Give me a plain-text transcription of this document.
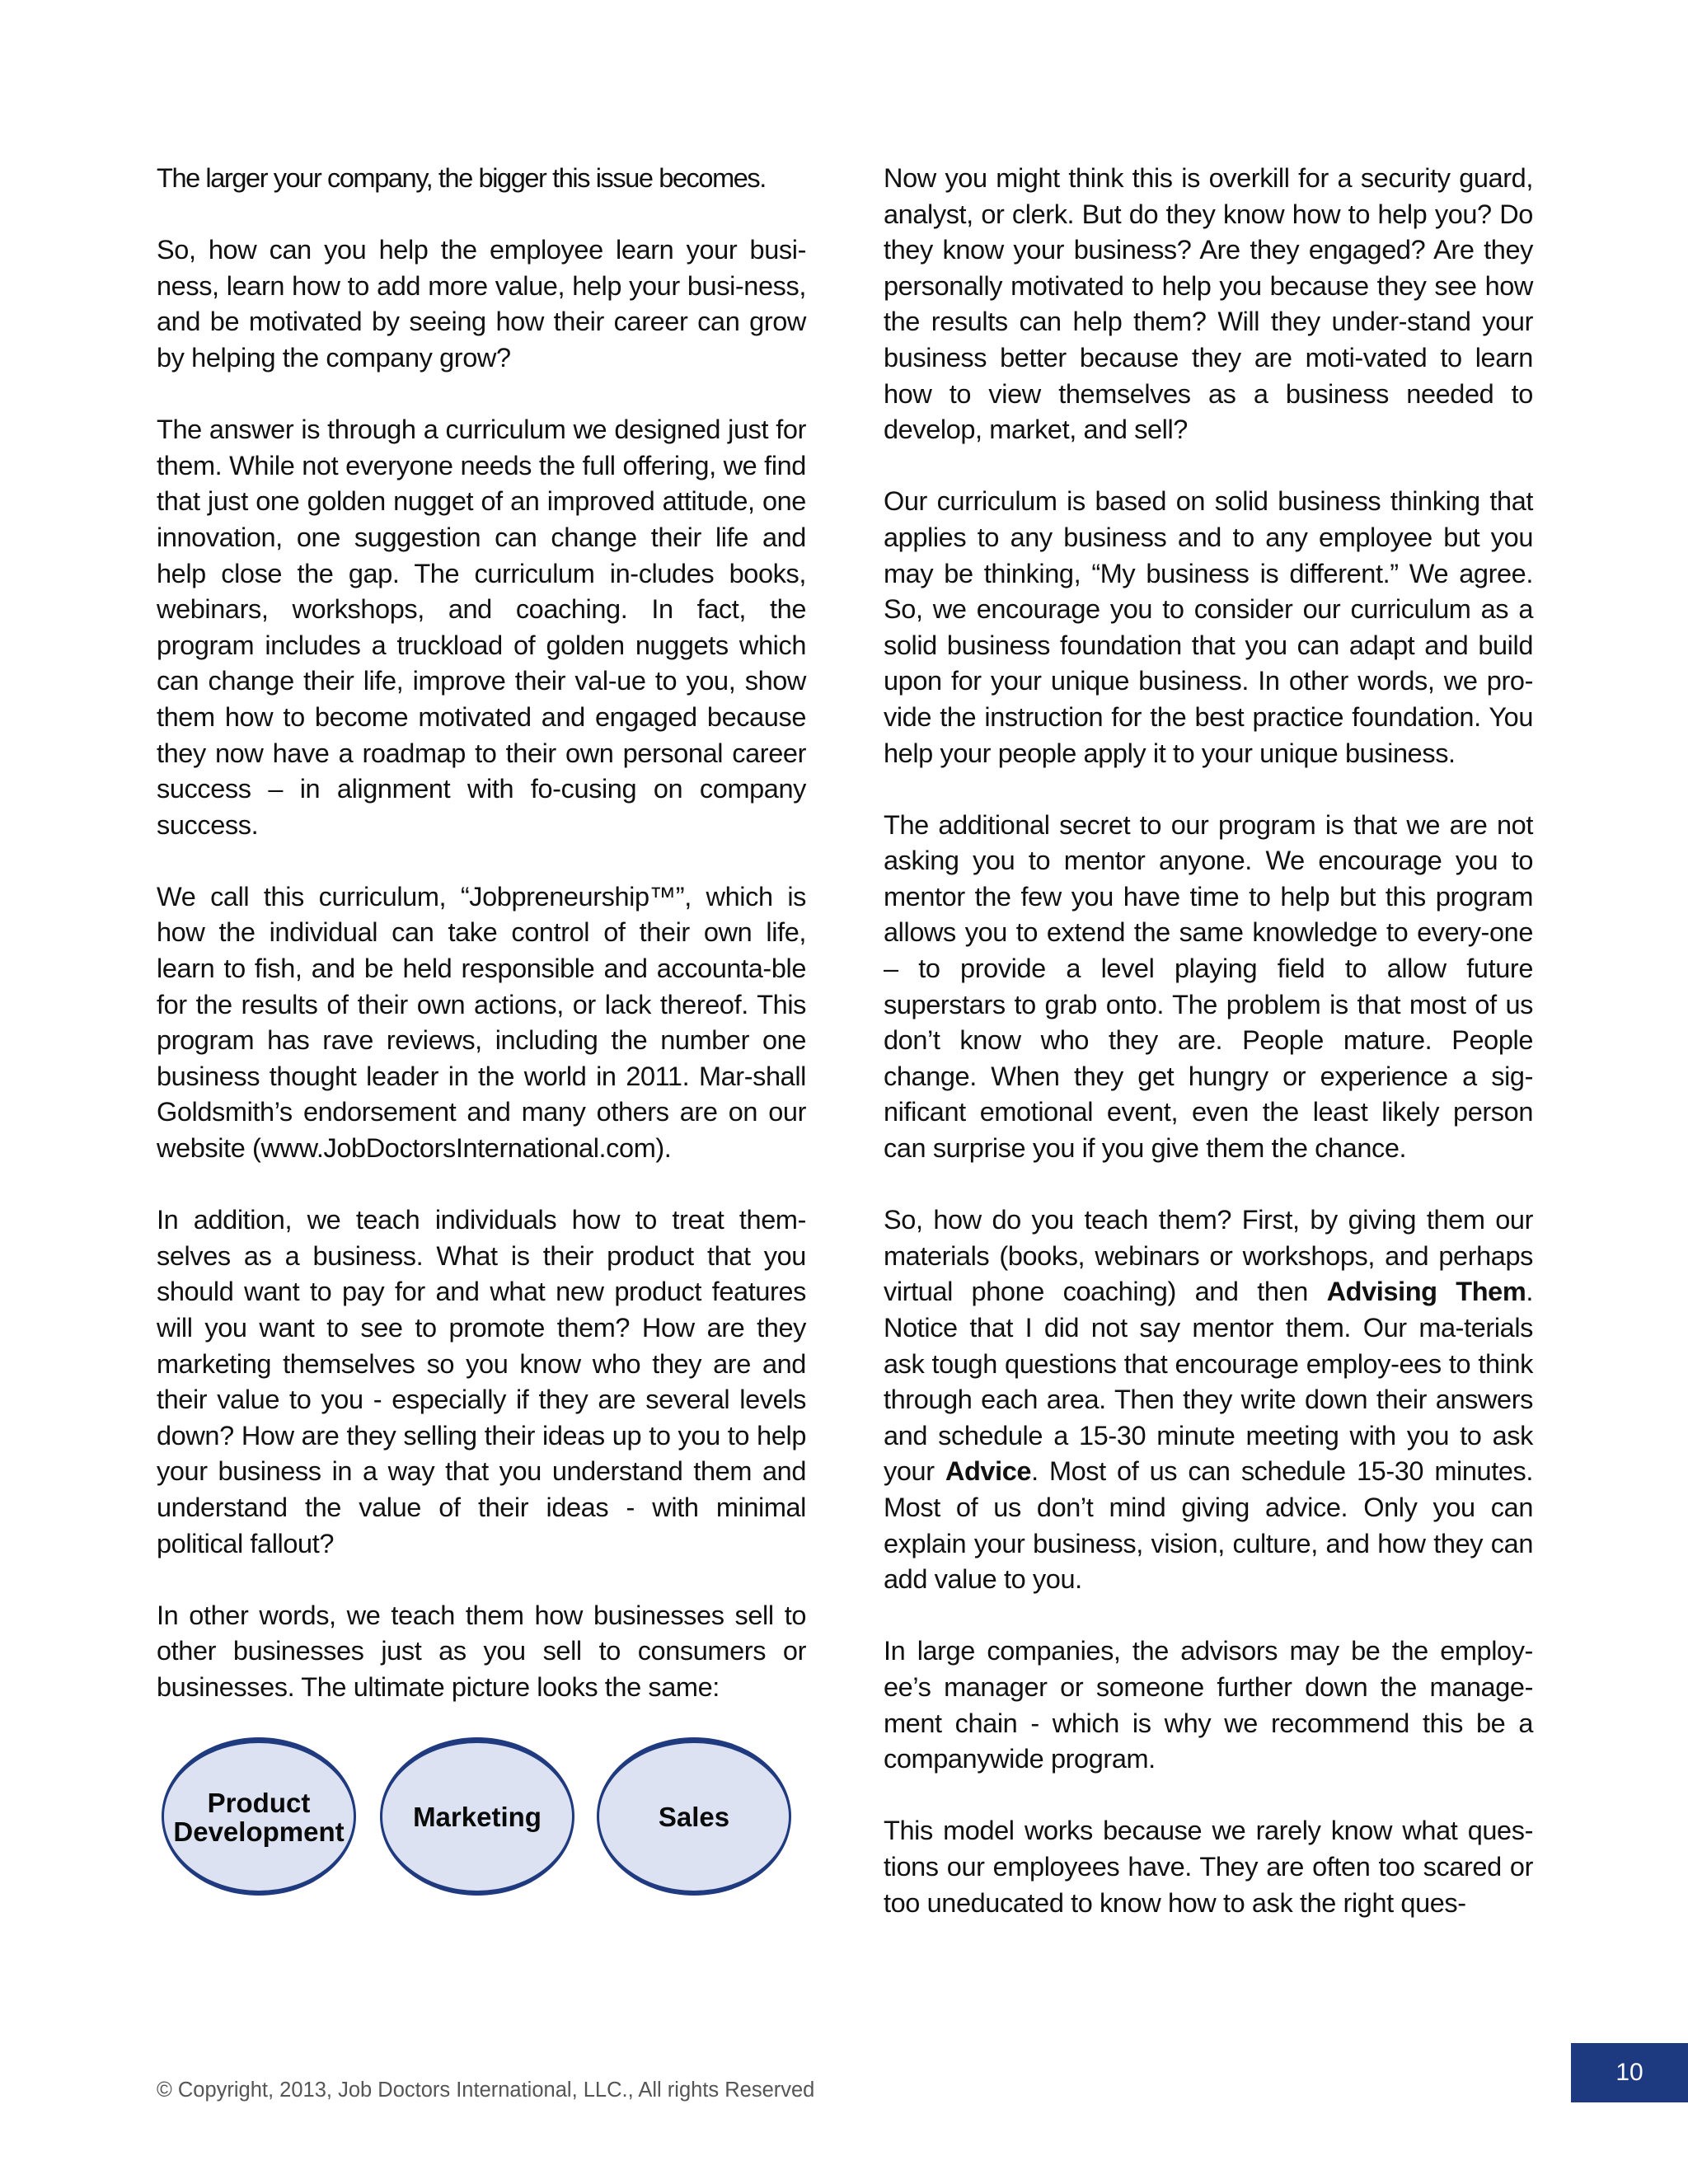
The larger your company, the bigger this issue becomes.

So, how can you help the employee learn your busi-ness, learn how to add more value, help your busi-ness, and be motivated by seeing how their career can grow by helping the company grow?

The answer is through a curriculum we designed just for them. While not everyone needs the full offering, we find that just one golden nugget of an improved attitude, one innovation, one suggestion can change their life and help close the gap. The curriculum in-cludes books, webinars, workshops, and coaching. In fact, the program includes a truckload of golden nuggets which can change their life, improve their val-ue to you, show them how to become motivated and engaged because they now have a roadmap to their own personal career success – in alignment with fo-cusing on company success.

We call this curriculum, “Jobpreneurship™”, which is how the individual can take control of their own life, learn to fish, and be held responsible and accounta-ble for the results of their own actions, or lack thereof. This program has rave reviews, including the number one business thought leader in the world in 2011. Mar-shall Goldsmith’s endorsement and many others are on our website (www.JobDoctorsInternational.com).

In addition, we teach individuals how to treat them-selves as a business. What is their product that you should want to pay for and what new product features will you want to see to promote them? How are they marketing themselves so you know who they are and their value to you - especially if they are several levels down? How are they selling their ideas up to you to help your business in a way that you understand them and understand the value of their ideas - with minimal political fallout?

In other words, we teach them how businesses sell to other businesses just as you sell to consumers or businesses. The ultimate picture looks the same:

Product
Development	Marketing	Sales

Now you might think this is overkill for a security guard, analyst, or clerk. But do they know how to help you? Do they know your business? Are they engaged? Are they personally motivated to help you because they see how the results can help them? Will they under-stand your business better because they are moti-vated to learn how to view themselves as a business needed to develop, market, and sell?

Our curriculum is based on solid business thinking that applies to any business and to any employee but you may be thinking, “My business is different.” We agree. So, we encourage you to consider our curriculum as a solid business foundation that you can adapt and build upon for your unique business. In other words, we pro-vide the instruction for the best practice foundation. You help your people apply it to your unique business.

The additional secret to our program is that we are not asking you to mentor anyone. We encourage you to mentor the few you have time to help but this program allows you to extend the same knowledge to every-one – to provide a level playing field to allow future superstars to grab onto. The problem is that most of us don’t know who they are. People mature. People change. When they get hungry or experience a sig-nificant emotional event, even the least likely person can surprise you if you give them the chance.

So, how do you teach them? First, by giving them our materials (books, webinars or workshops, and perhaps virtual phone coaching) and then Advising Them. Notice that I did not say mentor them. Our ma-terials ask tough questions that encourage employ-ees to think through each area. Then they write down their answers and schedule a 15-30 minute meeting with you to ask your Advice. Most of us can schedule 15-30 minutes. Most of us don’t mind giving advice. Only you can explain your business, vision, culture, and how they can add value to you.

In large companies, the advisors may be the employ-ee’s manager or someone further down the manage-ment chain - which is why we recommend this be a companywide program.

This model works because we rarely know what ques-tions our employees have. They are often too scared or too uneducated to know how to ask the right ques-

© Copyright, 2013, Job Doctors International, LLC., All rights Reserved
10
